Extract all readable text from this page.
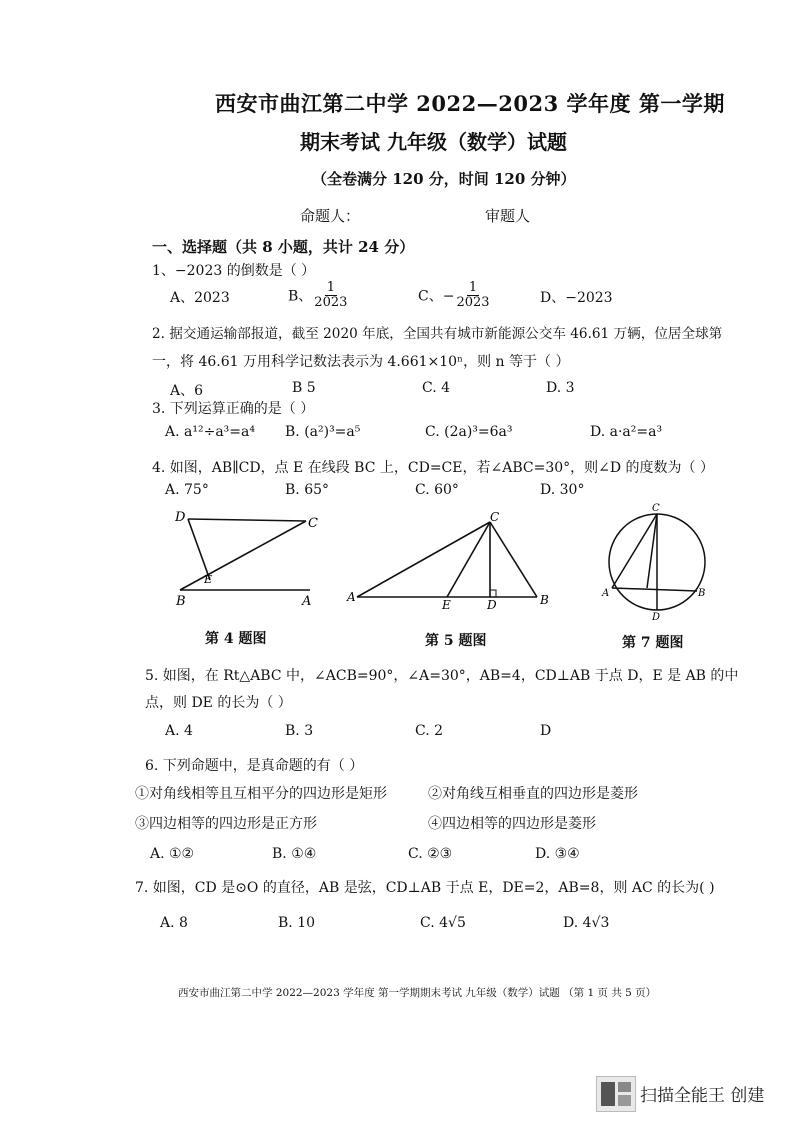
西安市曲江第二中学 2022—2023 学年度 第一学期
期末考试 九年级（数学）试题
（全卷满分 120 分，时间 120 分钟）
命题人：	审题人
一、选择题（共 8 小题，共计 24 分）
1、−2023 的倒数是（ ）
A、2023	B、 $\frac{1}{2023}$	C、− $\frac{1}{2023}$	D、−2023
2. 据交通运输部报道，截至 2020 年底，全国共有城市新能源公交车 46.61 万辆，位居全球第
一，将 46.61 万用科学记数法表示为 4.661×10ⁿ，则 n 等于（ ）
A、6	B 5	C. 4	D. 3
3. 下列运算正确的是（ ）
A. a¹²÷a³=a⁴ B. (a²)³=a⁵	C. (2a)³=6a³	D. a·a²=a³
4. 如图，AB∥CD，点 E 在线段 BC 上，CD=CE，若∠ABC=30°，则∠D 的度数为（ ）
A. 75°	B. 65°	C. 60°	D. 30°
D	C
E
B	A
第 4 题图
C
A
E	D	B
第 5 题图
C
A	B
D
第 7 题图
5. 如图，在 Rt△ABC 中，∠ACB=90°，∠A=30°，AB=4，CD⊥AB 于点 D，E 是 AB 的中
点，则 DE 的长为（ ）
A. 4	B. 3	C. 2	D
6. 下列命题中，是真命题的有（ ）
①对角线相等且互相平分的四边形是矩形	②对角线互相垂直的四边形是菱形
③四边相等的四边形是正方形	④四边相等的四边形是菱形
A. ①②	B. ①④	C. ②③	D. ③④
7. 如图，CD 是⊙O 的直径，AB 是弦，CD⊥AB 于点 E，DE=2，AB=8，则 AC 的长为( )
A. 8	B. 10	C. 4√5	D. 4√3
西安市曲江第二中学 2022—2023 学年度 第一学期期末考试 九年级（数学）试题 （第 1 页 共 5 页）
扫描全能王 创建
